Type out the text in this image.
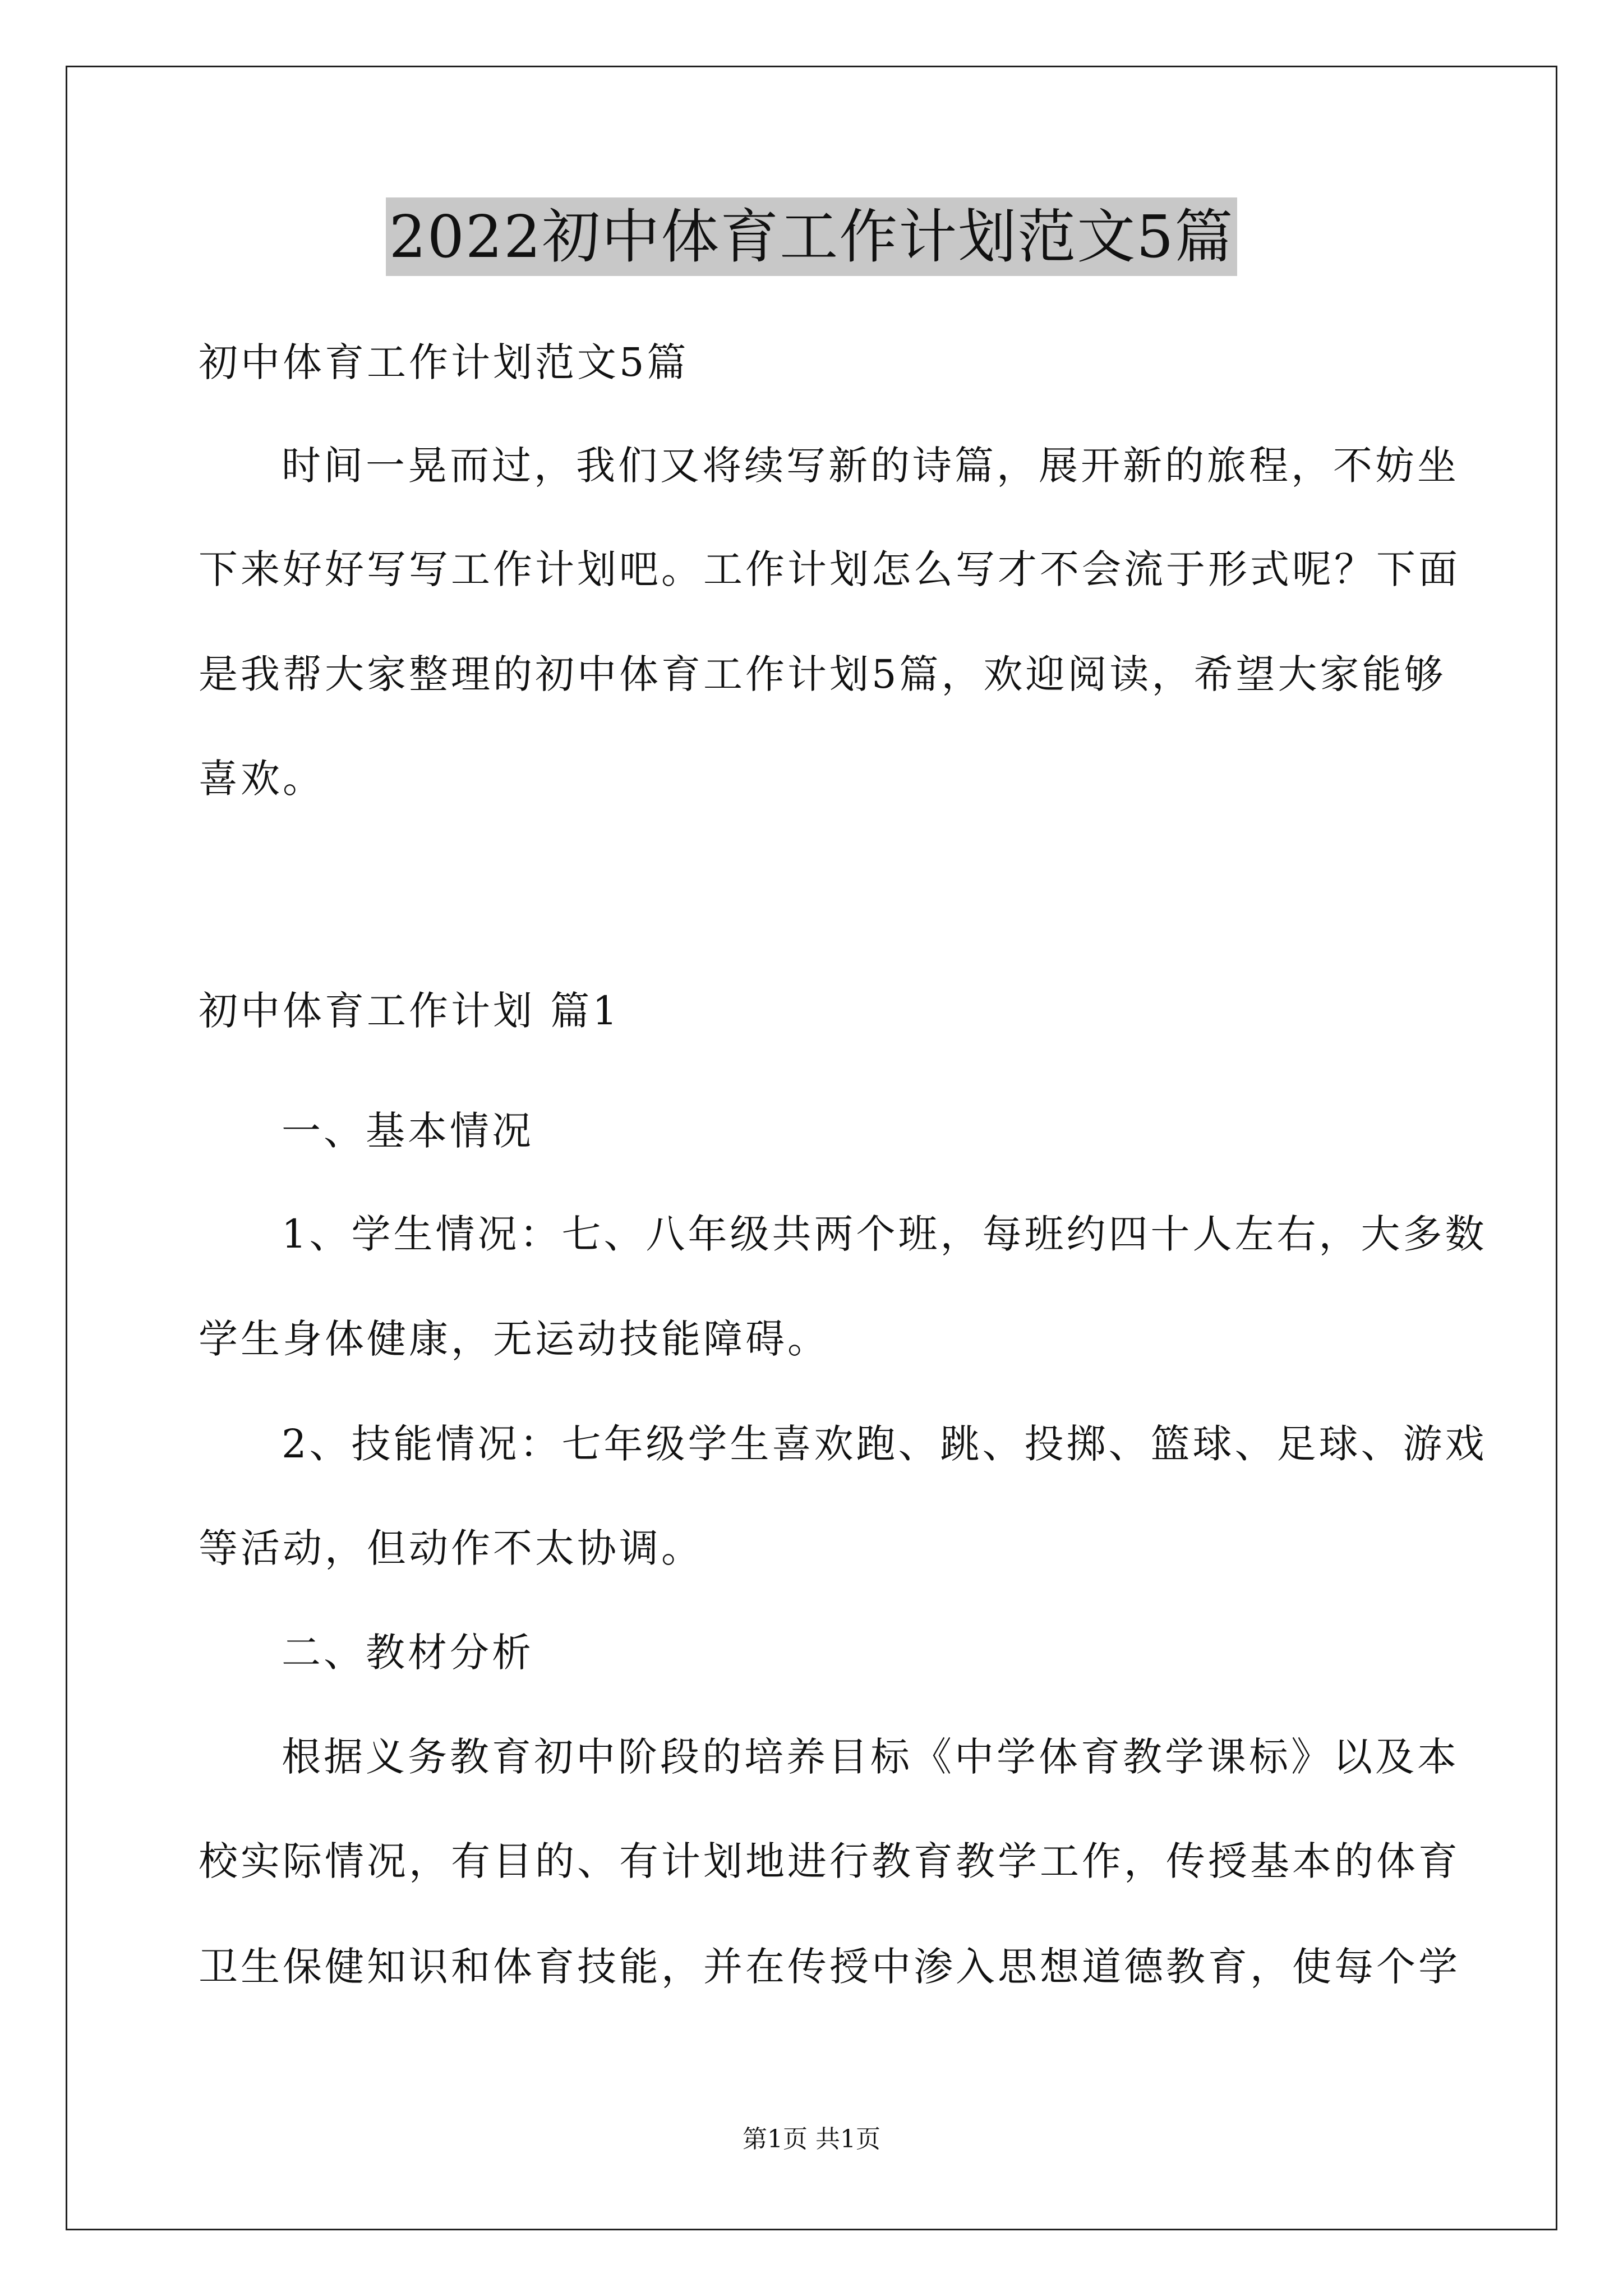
2022初中体育工作计划范文5篇
初中体育工作计划范文5篇
时间一晃而过，我们又将续写新的诗篇，展开新的旅程，不妨坐
下来好好写写工作计划吧。工作计划怎么写才不会流于形式呢？下面
是我帮大家整理的初中体育工作计划5篇，欢迎阅读，希望大家能够
喜欢。
初中体育工作计划 篇1
一、基本情况
1、学生情况：七、八年级共两个班，每班约四十人左右，大多数
学生身体健康，无运动技能障碍。
2、技能情况：七年级学生喜欢跑、跳、投掷、篮球、足球、游戏
等活动，但动作不太协调。
二、教材分析
根据义务教育初中阶段的培养目标《中学体育教学课标》以及本
校实际情况，有目的、有计划地进行教育教学工作，传授基本的体育
卫生保健知识和体育技能，并在传授中渗入思想道德教育，使每个学
第1页 共1页
